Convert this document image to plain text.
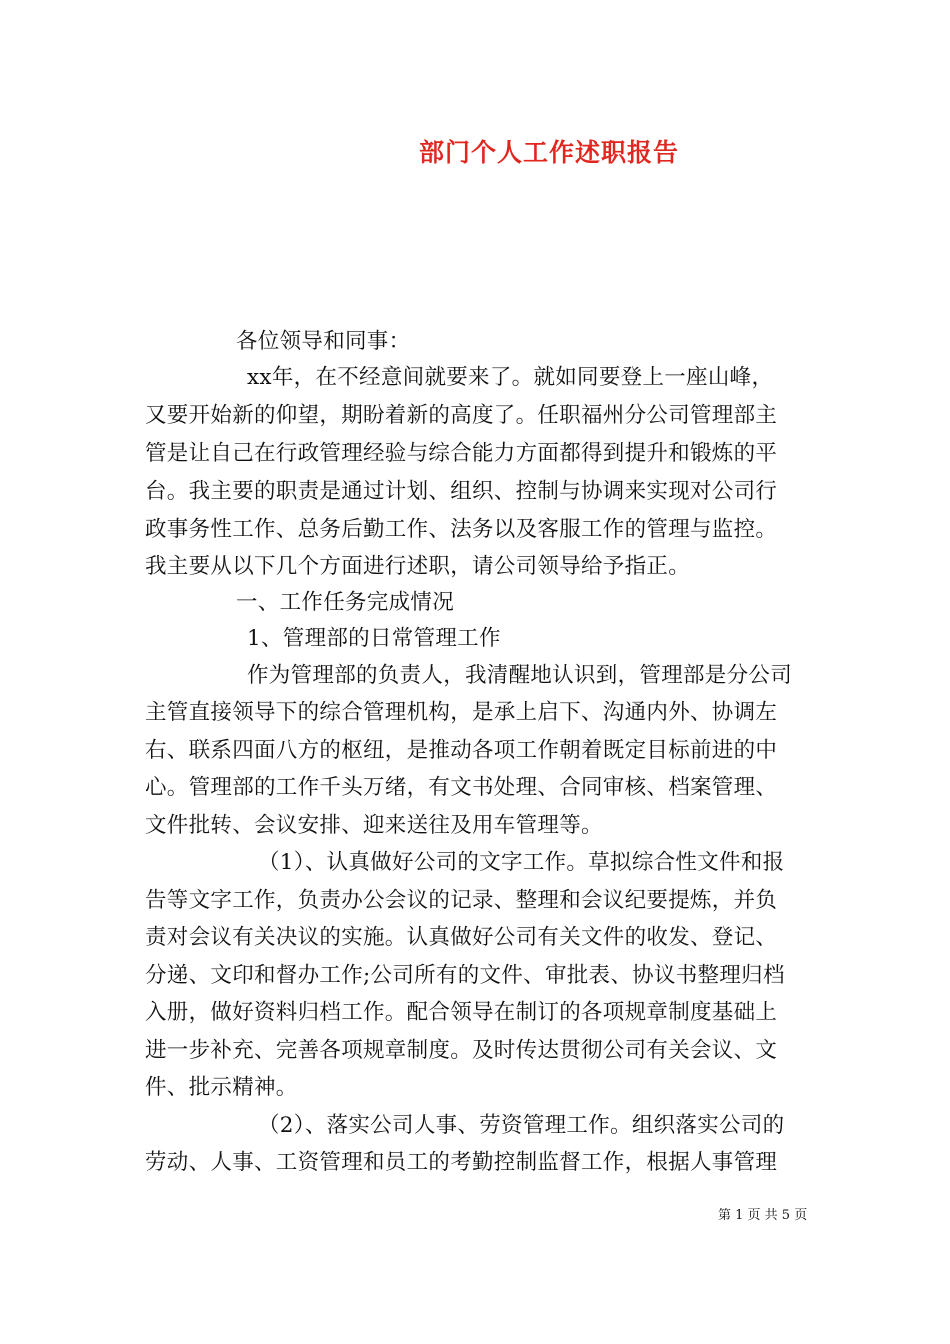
部门个人工作述职报告
各位领导和同事：
xx年，在不经意间就要来了。就如同要登上一座山峰，
又要开始新的仰望，期盼着新的高度了。任职福州分公司管理部主
管是让自己在行政管理经验与综合能力方面都得到提升和锻炼的平
台。我主要的职责是通过计划、组织、控制与协调来实现对公司行
政事务性工作、总务后勤工作、法务以及客服工作的管理与监控。
我主要从以下几个方面进行述职，请公司领导给予指正。
一、工作任务完成情况
1、管理部的日常管理工作
作为管理部的负责人，我清醒地认识到，管理部是分公司
主管直接领导下的综合管理机构，是承上启下、沟通内外、协调左
右、联系四面八方的枢纽，是推动各项工作朝着既定目标前进的中
心。管理部的工作千头万绪，有文书处理、合同审核、档案管理、
文件批转、会议安排、迎来送往及用车管理等。
（1）、认真做好公司的文字工作。草拟综合性文件和报
告等文字工作，负责办公会议的记录、整理和会议纪要提炼，并负
责对会议有关决议的实施。认真做好公司有关文件的收发、登记、
分递、文印和督办工作;公司所有的文件、审批表、协议书整理归档
入册，做好资料归档工作。配合领导在制订的各项规章制度基础上
进一步补充、完善各项规章制度。及时传达贯彻公司有关会议、文
件、批示精神。
（2）、落实公司人事、劳资管理工作。组织落实公司的
劳动、人事、工资管理和员工的考勤控制监督工作，根据人事管理
第 1 页 共 5 页
